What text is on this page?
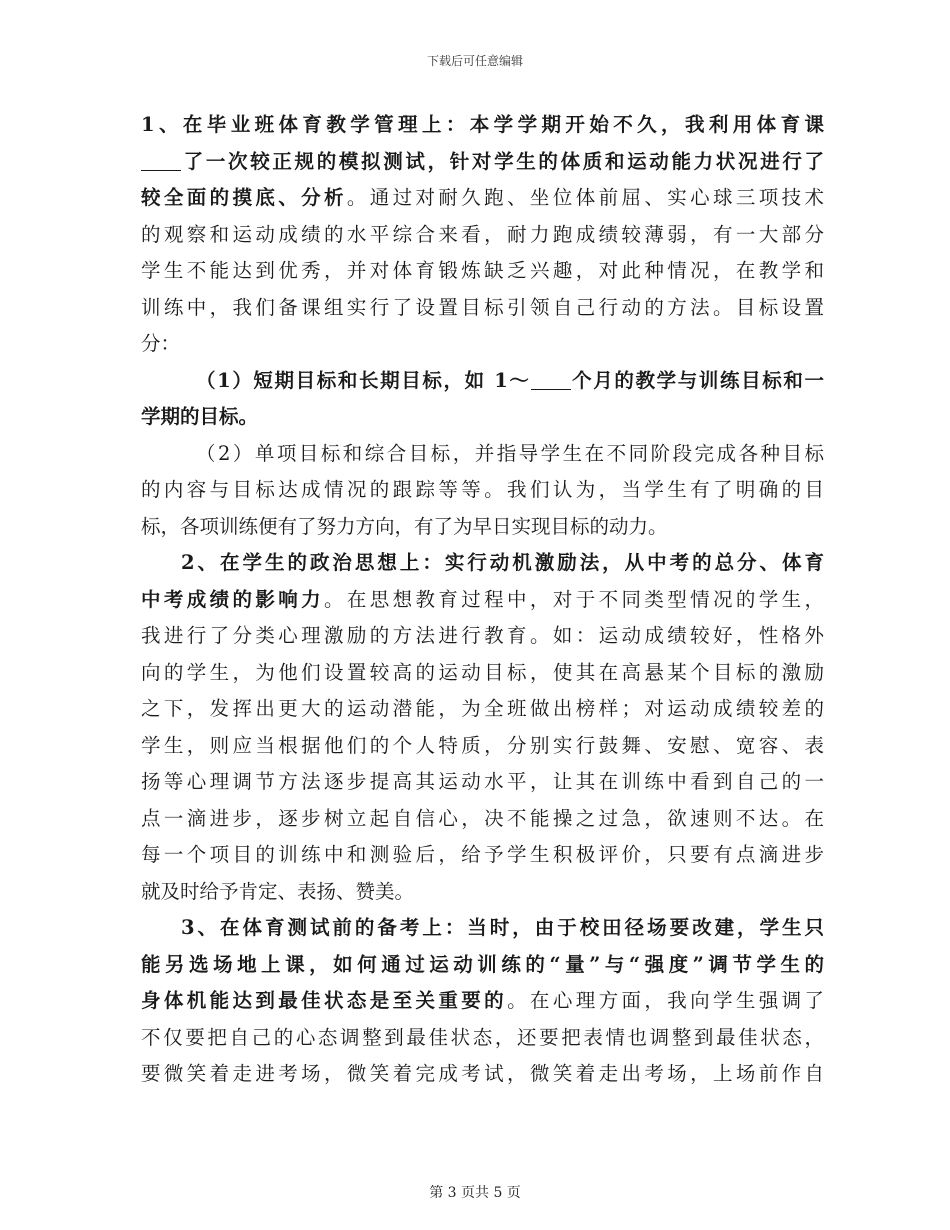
下载后可任意编辑
1、在毕业班体育教学管理上：本学学期开始不久，我利用体育课
了一次较正规的模拟测试，针对学生的体质和运动能力状况进行了
较全面的摸底、分析。通过对耐久跑、坐位体前屈、实心球三项技术
的观察和运动成绩的水平综合来看，耐力跑成绩较薄弱，有一大部分
学生不能达到优秀，并对体育锻炼缺乏兴趣，对此种情况，在教学和
训练中，我们备课组实行了设置目标引领自己行动的方法。目标设置
分：
（1）短期目标和长期目标，如 1～ 个月的教学与训练目标和一
学期的目标。
（2）单项目标和综合目标，并指导学生在不同阶段完成各种目标
的内容与目标达成情况的跟踪等等。我们认为，当学生有了明确的目
标，各项训练便有了努力方向，有了为早日实现目标的动力。
2、在学生的政治思想上：实行动机激励法，从中考的总分、体育
中考成绩的影响力。在思想教育过程中，对于不同类型情况的学生，
我进行了分类心理激励的方法进行教育。如：运动成绩较好，性格外
向的学生，为他们设置较高的运动目标，使其在高悬某个目标的激励
之下，发挥出更大的运动潜能，为全班做出榜样；对运动成绩较差的
学生，则应当根据他们的个人特质，分别实行鼓舞、安慰、宽容、表
扬等心理调节方法逐步提高其运动水平，让其在训练中看到自己的一
点一滴进步，逐步树立起自信心，决不能操之过急，欲速则不达。在
每一个项目的训练中和测验后，给予学生积极评价，只要有点滴进步
就及时给予肯定、表扬、赞美。
3、在体育测试前的备考上：当时，由于校田径场要改建，学生只
能另选场地上课，如何通过运动训练的“量”与“强度”调节学生的
身体机能达到最佳状态是至关重要的。在心理方面，我向学生强调了
不仅要把自己的心态调整到最佳状态，还要把表情也调整到最佳状态，
要微笑着走进考场，微笑着完成考试，微笑着走出考场，上场前作自
第 3 页共 5 页
